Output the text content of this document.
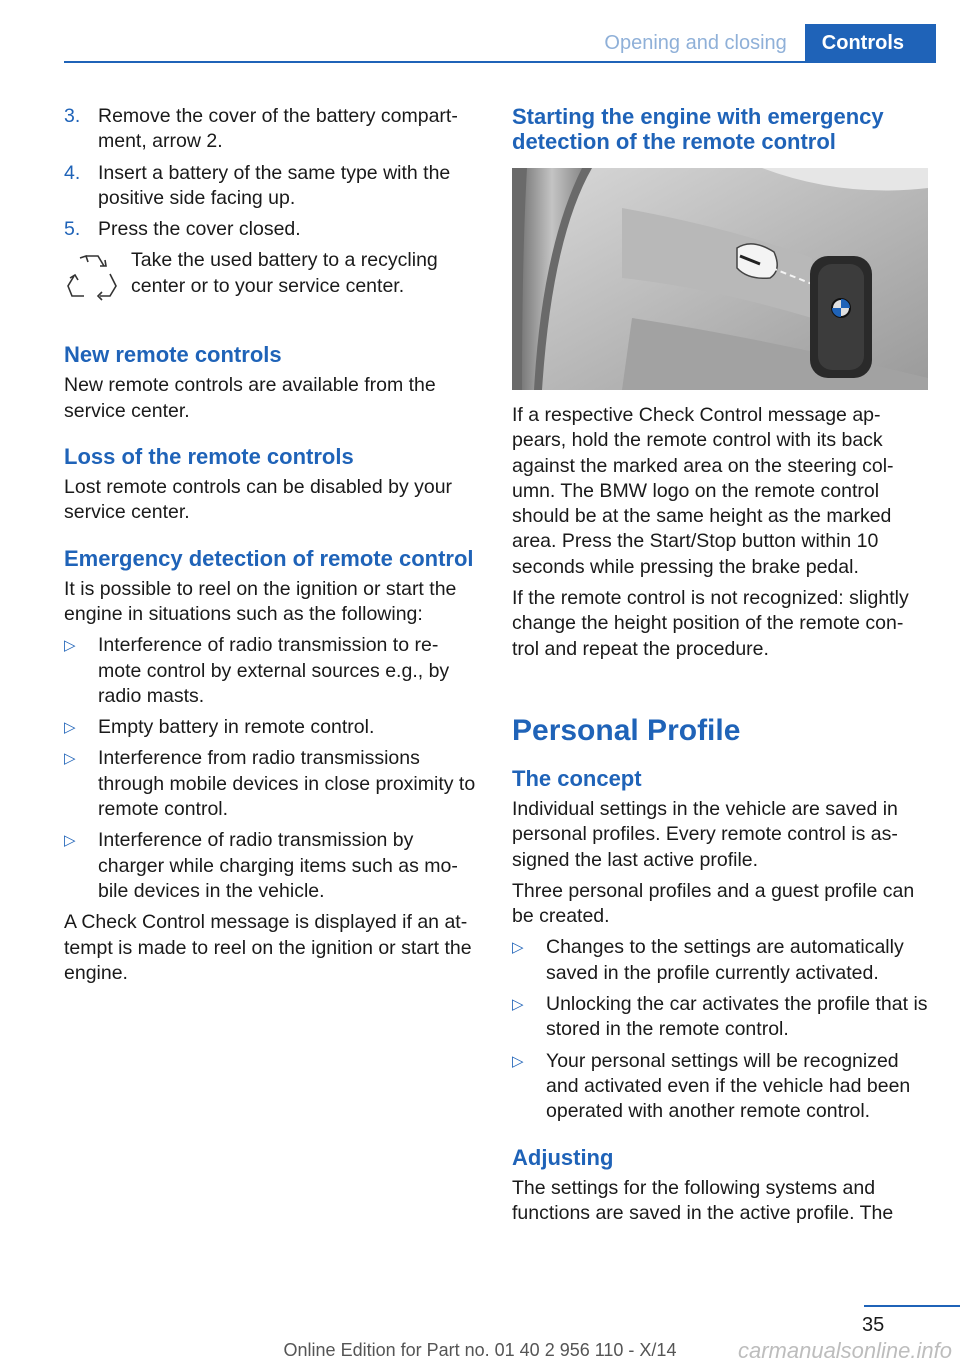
Opening and closing	Controls
3. Remove the cover of the battery compart‐ment, arrow 2.
4. Insert a battery of the same type with the positive side facing up.
5. Press the cover closed.

Take the used battery to a recycling center or to your service center.

New remote controls

New remote controls are available from the service center.

Loss of the remote controls

Lost remote controls can be disabled by your service center.

Emergency detection of remote control

It is possible to reel on the ignition or start the engine in situations such as the following:

▷ Interference of radio transmission to re‐mote control by external sources e.g., by radio masts.
▷ Empty battery in remote control.
▷ Interference from radio transmissions through mobile devices in close proximity to remote control.
▷ Interference of radio transmission by charger while charging items such as mo‐bile devices in the vehicle.

A Check Control message is displayed if an at‐tempt is made to reel on the ignition or start the engine.

Starting the engine with emergency detection of the remote control

If a respective Check Control message ap‐pears, hold the remote control with its back against the marked area on the steering col‐umn. The BMW logo on the remote control should be at the same height as the marked area. Press the Start/Stop button within 10 seconds while pressing the brake pedal.

If the remote control is not recognized: slightly change the height position of the remote con‐trol and repeat the procedure.

Personal Profile
The concept

Individual settings in the vehicle are saved in personal profiles. Every remote control is as‐signed the last active profile.

Three personal profiles and a guest profile can be created.

▷ Changes to the settings are automatically saved in the profile currently activated.
▷ Unlocking the car activates the profile that is stored in the remote control.
▷ Your personal settings will be recognized and activated even if the vehicle had been operated with another remote control.
Adjusting

The settings for the following systems and functions are saved in the active profile. The

35
Online Edition for Part no. 01 40 2 956 110 - X/14	carmanualsonline.info
